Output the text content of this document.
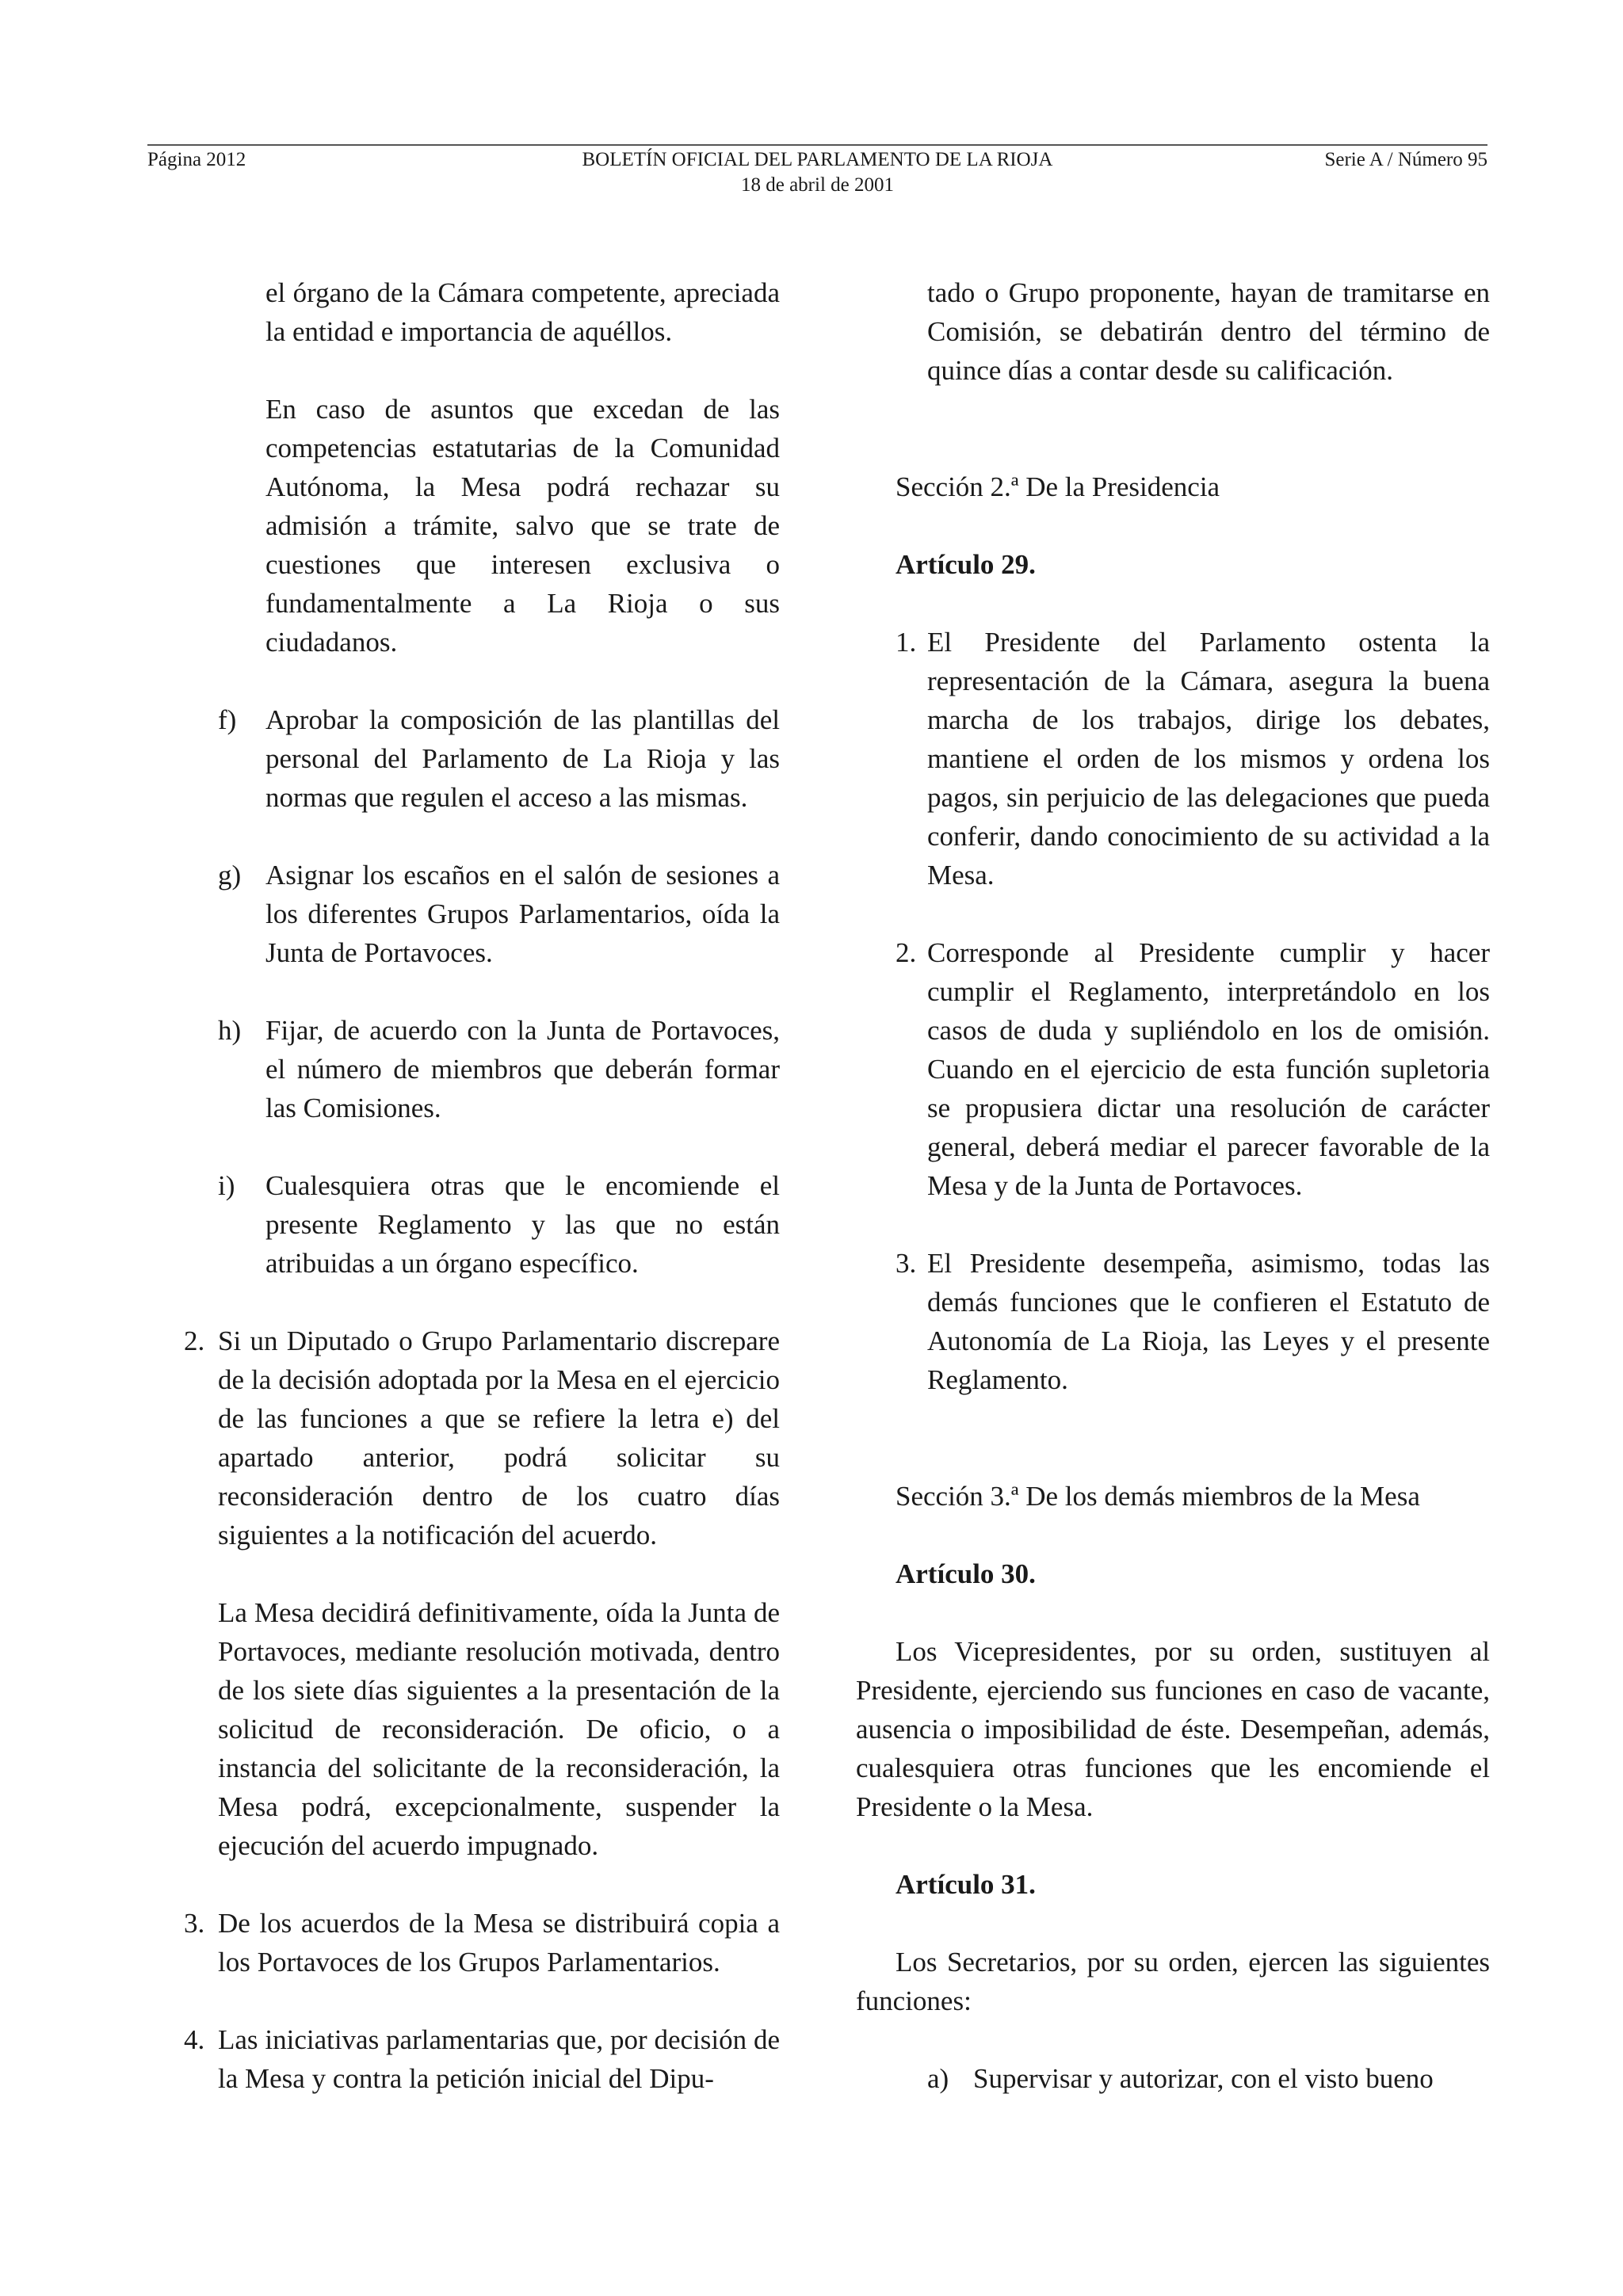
Página 2012	BOLETÍN OFICIAL DEL PARLAMENTO DE LA RIOJA
18 de abril de 2001
Serie A / Número 95

el órgano de la Cámara competente, apreciada la entidad e importancia de aquéllos.

En caso de asuntos que excedan de las competencias estatutarias de la Comunidad Autónoma, la Mesa podrá rechazar su admisión a trámite, salvo que se trate de cuestiones que interesen exclusiva o fundamentalmente a La Rioja o sus ciudadanos.

f) Aprobar la composición de las plantillas del personal del Parlamento de La Rioja y las normas que regulen el acceso a las mismas.

g) Asignar los escaños en el salón de sesiones a los diferentes Grupos Parlamentarios, oída la Junta de Portavoces.

h) Fijar, de acuerdo con la Junta de Portavoces, el número de miembros que deberán formar las Comisiones.

i) Cualesquiera otras que le encomiende el presente Reglamento y las que no están atribuidas a un órgano específico.

2. Si un Diputado o Grupo Parlamentario discrepare de la decisión adoptada por la Mesa en el ejercicio de las funciones a que se refiere la letra e) del apartado anterior, podrá solicitar su reconsideración dentro de los cuatro días siguientes a la notificación del acuerdo.

La Mesa decidirá definitivamente, oída la Junta de Portavoces, mediante resolución motivada, dentro de los siete días siguientes a la presentación de la solicitud de reconsideración. De oficio, o a instancia del solicitante de la reconsideración, la Mesa podrá, excepcionalmente, suspender la ejecución del acuerdo impugnado.

3. De los acuerdos de la Mesa se distribuirá copia a los Portavoces de los Grupos Parlamentarios.

4. Las iniciativas parlamentarias que, por decisión de la Mesa y contra la petición inicial del Dipu-

tado o Grupo proponente, hayan de tramitarse en Comisión, se debatirán dentro del término de quince días a contar desde su calificación.

Sección 2.ª De la Presidencia

Artículo 29.

1. El Presidente del Parlamento ostenta la representación de la Cámara, asegura la buena marcha de los trabajos, dirige los debates, mantiene el orden de los mismos y ordena los pagos, sin perjuicio de las delegaciones que pueda conferir, dando conocimiento de su actividad a la Mesa.

2. Corresponde al Presidente cumplir y hacer cumplir el Reglamento, interpretándolo en los casos de duda y supliéndolo en los de omisión. Cuando en el ejercicio de esta función supletoria se propusiera dictar una resolución de carácter general, deberá mediar el parecer favorable de la Mesa y de la Junta de Portavoces.

3. El Presidente desempeña, asimismo, todas las demás funciones que le confieren el Estatuto de Autonomía de La Rioja, las Leyes y el presente Reglamento.

Sección 3.ª De los demás miembros de la Mesa

Artículo 30.

Los Vicepresidentes, por su orden, sustituyen al Presidente, ejerciendo sus funciones en caso de vacante, ausencia o imposibilidad de éste. Desempeñan, además, cualesquiera otras funciones que les encomiende el Presidente o la Mesa.

Artículo 31.

Los Secretarios, por su orden, ejercen las siguientes funciones:

a) Supervisar y autorizar, con el visto bueno
